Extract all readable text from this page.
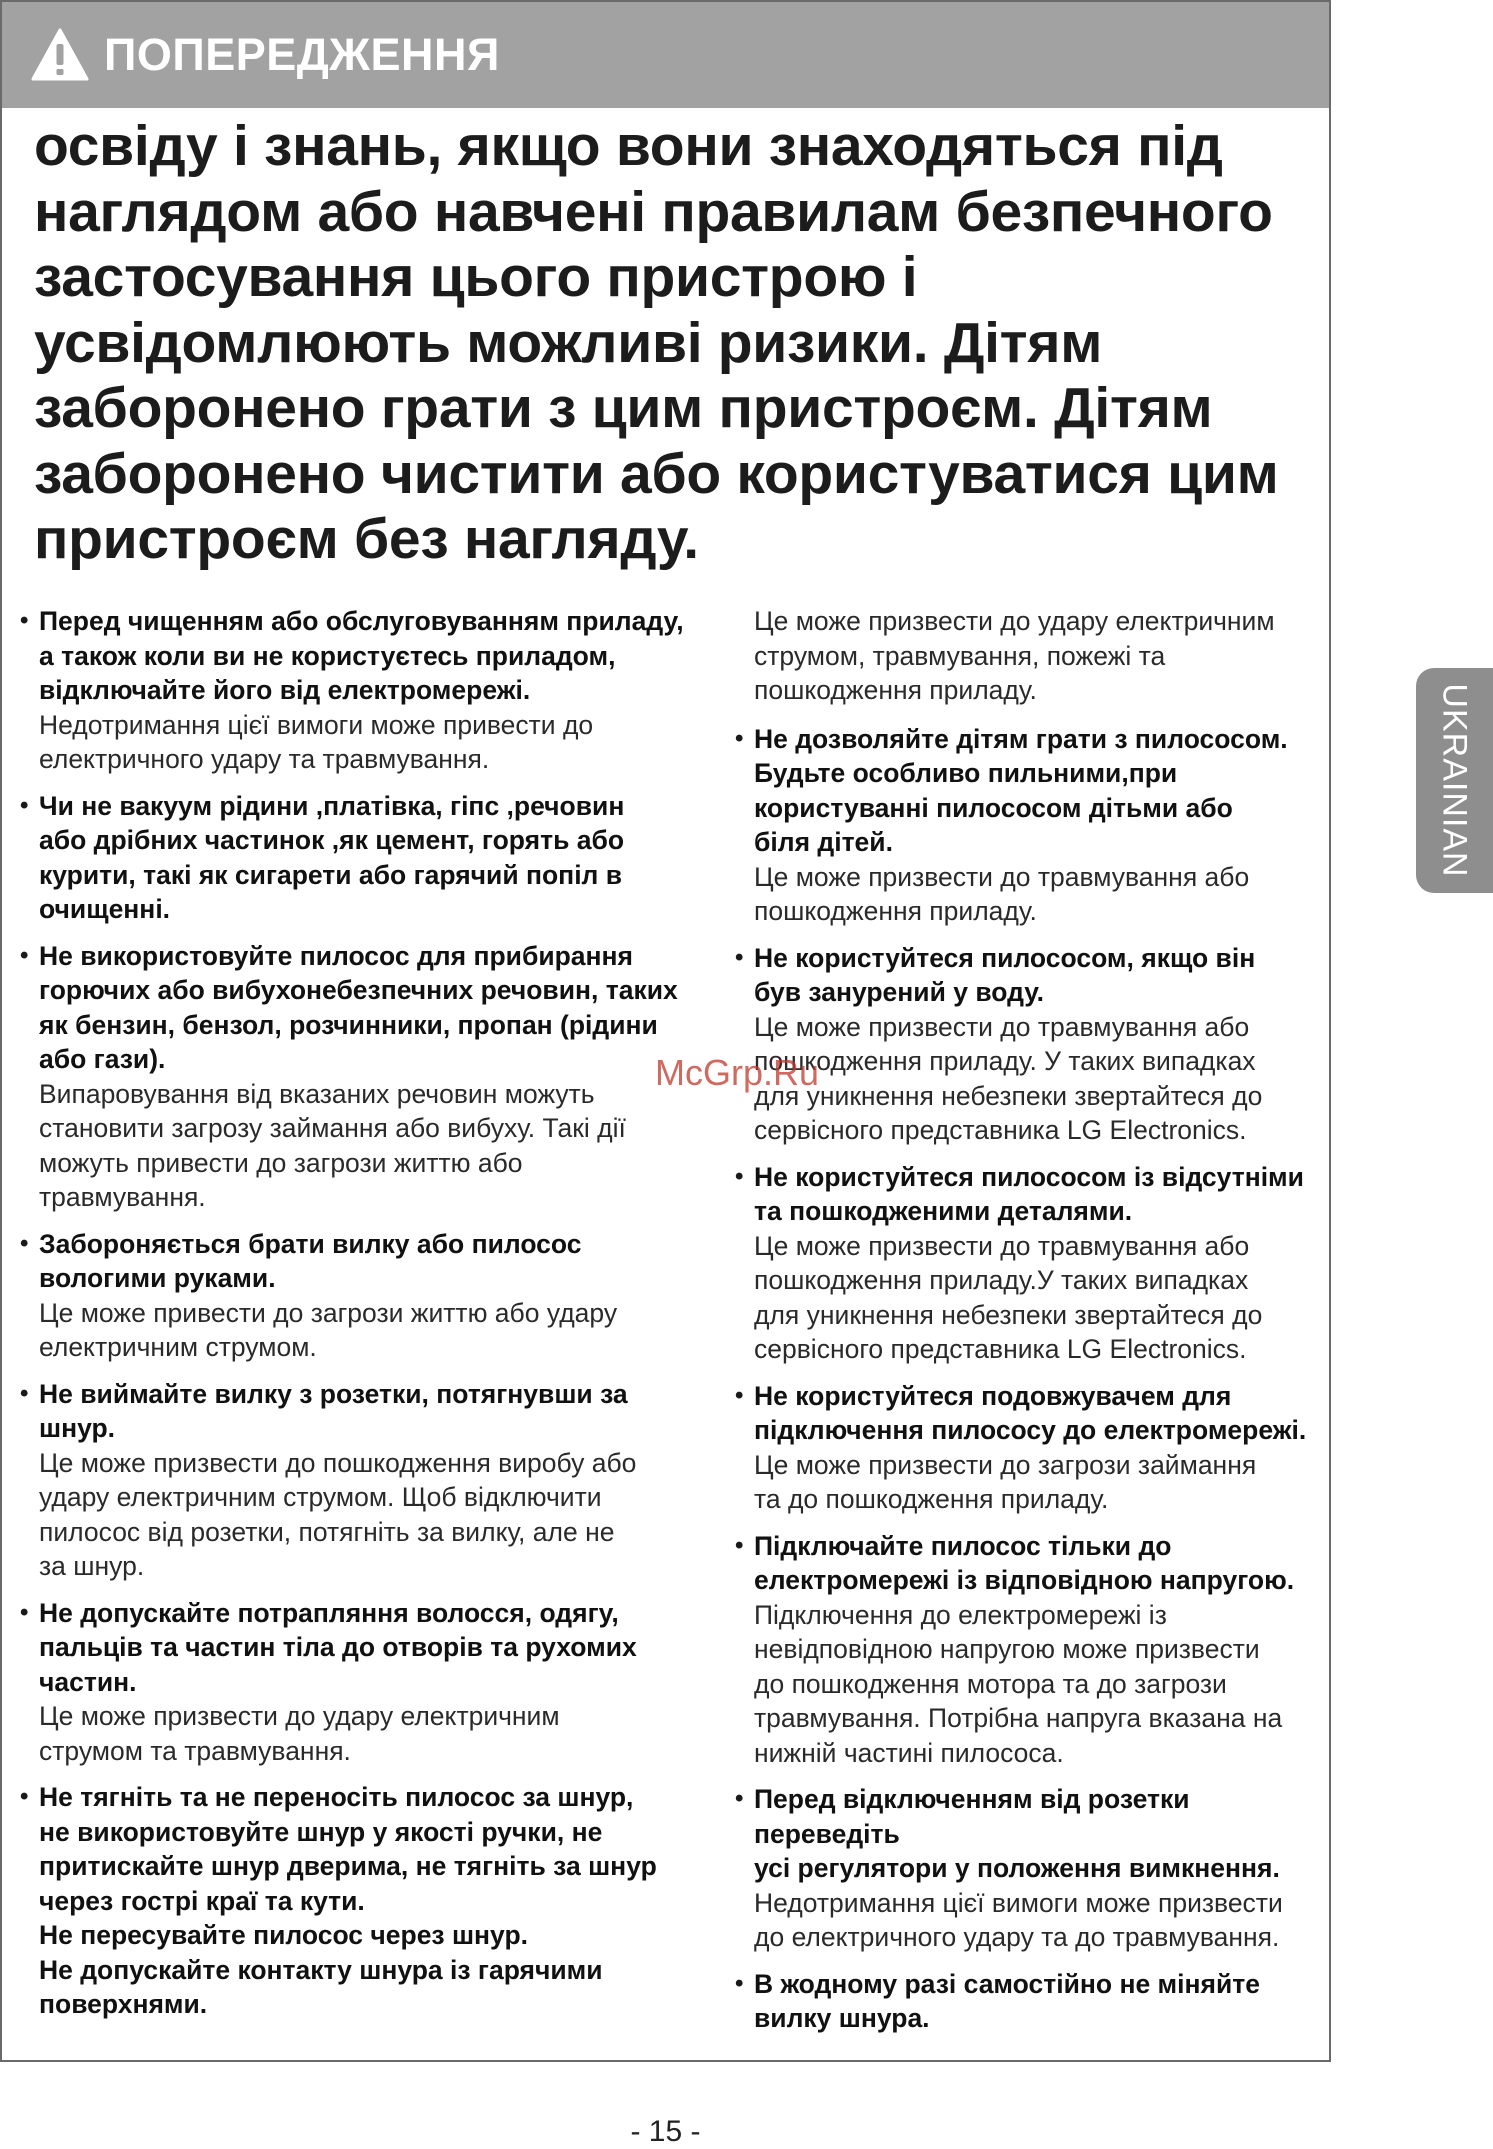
ПОПЕРЕДЖЕННЯ
освіду і знань, якщо вони знаходяться під
наглядом або навчені правилам безпечного
застосування цього пристрою і
усвідомлюють можливі ризики. Дітям
заборонено грати з цим пристроєм. Дітям
заборонено чистити або користуватися цим
пристроєм без нагляду.
• Перед чищенням або обслуговуванням приладу,
а також коли ви не користуєтесь приладом,
відключайте його від електромережі.
Недотримання цієї вимоги може привести до
електричного удару та травмування.
• Чи не вакуум рідини ,платівка, гіпс ,речовин
або дрібних частинок ,як цемент, горять або
курити, такі як сигарети або гарячий попіл в
очищенні.
• Не використовуйте пилосос для прибирання
горючих або вибухонебезпечних речовин, таких
як бензин, бензол, розчинники, пропан (рідини
або гази).
Випаровування від вказаних речовин можуть
становити загрозу займання або вибуху. Такі дії
можуть привести до загрози життю або
травмування.
• Забороняється брати вилку або пилосос
вологими руками.
Це може привести до загрози життю або удару
електричним струмом.
• Не виймайте вилку з розетки, потягнувши за
шнур.
Це може призвести до пошкодження виробу або
удару електричним струмом. Щоб відключити
пилосос від розетки, потягніть за вилку, але не
за шнур.
• Не допускайте потрапляння волосся, одягу,
пальців та частин тіла до отворів та рухомих
частин.
Це може призвести до удару електричним
струмом та травмування.
• Не тягніть та не переносіть пилосос за шнур,
не використовуйте шнур у якості ручки, не
притискайте шнур дверима, не тягніть за шнур
через гострі краї та кути.
Не пересувайте пилосос через шнур.
Не допускайте контакту шнура із гарячими
поверхнями.
Це може призвести до удару електричним
струмом, травмування, пожежі та
пошкодження приладу.
• Не дозволяйте дітям грати з пилососом.
Будьте особливо пильними,при
користуванні пилососом дітьми або
біля дітей.
Це може призвести до травмування або
пошкодження приладу.
• Не користуйтеся пилососом, якщо він
був занурений у воду.
Це може призвести до травмування або
пошкодження приладу. У таких випадках
для уникнення небезпеки звертайтеся до
сервісного представника LG Electronics.
• Не користуйтеся пилососом із відсутніми
та пошкодженими деталями.
Це може призвести до травмування або
пошкодження приладу.У таких випадках
для уникнення небезпеки звертайтеся до
сервісного представника LG Electronics.
• Не користуйтеся подовжувачем для
підключення пилососу до електромережі.
Це може призвести до загрози займання
та до пошкодження приладу.
• Підключайте пилосос тільки до
електромережі із відповідною напругою.
Підключення до електромережі із
невідповідною напругою може призвести
до пошкодження мотора та до загрози
травмування. Потрібна напруга вказана на
нижній частині пилососа.
• Перед відключенням від розетки переведіть
усі регулятори у положення вимкнення.
Недотримання цієї вимоги може призвести
до електричного удару та до травмування.
• В жодному разі самостійно не міняйте
вилку шнура.
UKRAINIAN
McGrp.Ru
- 15 -
